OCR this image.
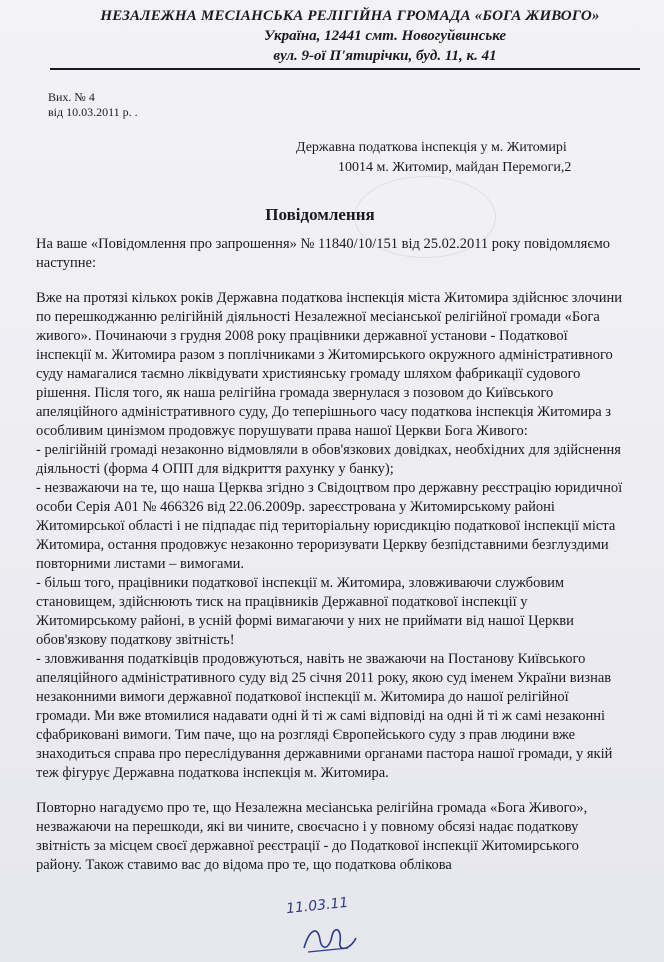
НЕЗАЛЕЖНА МЕСІАНСЬКА РЕЛІГІЙНА ГРОМАДА «БОГА ЖИВОГО»
Україна, 12441 смт. Новогуйвинське
вул. 9-ої П'ятирічки, буд. 11, к. 41
Вих. № 4
від 10.03.2011 р. .
Державна податкова інспекція у м. Житомирі
10014 м. Житомир, майдан Перемоги,2
Повідомлення

На ваше «Повідомлення про запрошення» № 11840/10/151 від 25.02.2011 року повідомляємо наступне:

Вже на протязі кількох років Державна податкова інспекція міста Житомира здійснює злочини по перешкоджанню релігійній діяльності Незалежної месіанської релігійної громади «Бога живого». Починаючи з грудня 2008 року працівники державної установи - Податкової інспекції м. Житомира разом з поплічниками з Житомирського окружного адміністративного суду намагалися таємно ліквідувати християнську громаду шляхом фабрикації судового рішення. Після того, як наша релігійна громада звернулася з позовом до Київського апеляційного адміністративного суду, До теперішнього часу податкова інспекція Житомира з особливим цинізмом продовжує порушувати права нашої Церкви Бога Живого:

- релігійній громаді незаконно відмовляли в обов'язкових довідках, необхідних для здійснення діяльності (форма 4 ОПП для відкриття рахунку у банку);

- незважаючи на те, що наша Церква згідно з Свідоцтвом про державну реєстрацію юридичної особи Серія А01 № 466326 від 22.06.2009р. зареєстрована у Житомирському районі Житомирської області і не підпадає під територіальну юрисдикцію податкової інспекції міста Житомира, остання продовжує незаконно тероризувати Церкву безпідставними безглуздими повторними листами – вимогами.

- більш того, працівники податкової інспекції м. Житомира, зловживаючи службовим становищем, здійснюють тиск на працівників Державної податкової інспекції у Житомирському районі, в усній формі вимагаючи у них не приймати від нашої Церкви обов'язкову податкову звітність!

- зловживання податківців продовжуються, навіть не зважаючи на Постанову Київського апеляційного адміністративного суду від 25 січня 2011 року, якою суд іменем України визнав незаконними вимоги державної податкової інспекції м. Житомира до нашої релігійної громади. Ми вже втомилися надавати одні й ті ж самі відповіді на одні й ті ж самі незаконні сфабриковані вимоги. Тим паче, що на розгляді Європейського суду з прав людини вже знаходиться справа про переслідування державними органами пастора нашої громади, у якій теж фігурує Державна податкова інспекція м. Житомира.

Повторно нагадуємо про те, що Незалежна месіанська релігійна громада «Бога Живого», незважаючи на перешкоди, які ви чините, своєчасно і у повному обсязі надає податкову звітність за місцем своєї державної реєстрації - до Податкової інспекції Житомирського району. Також ставимо вас до відома про те, що податкова облікова

11.03.11
